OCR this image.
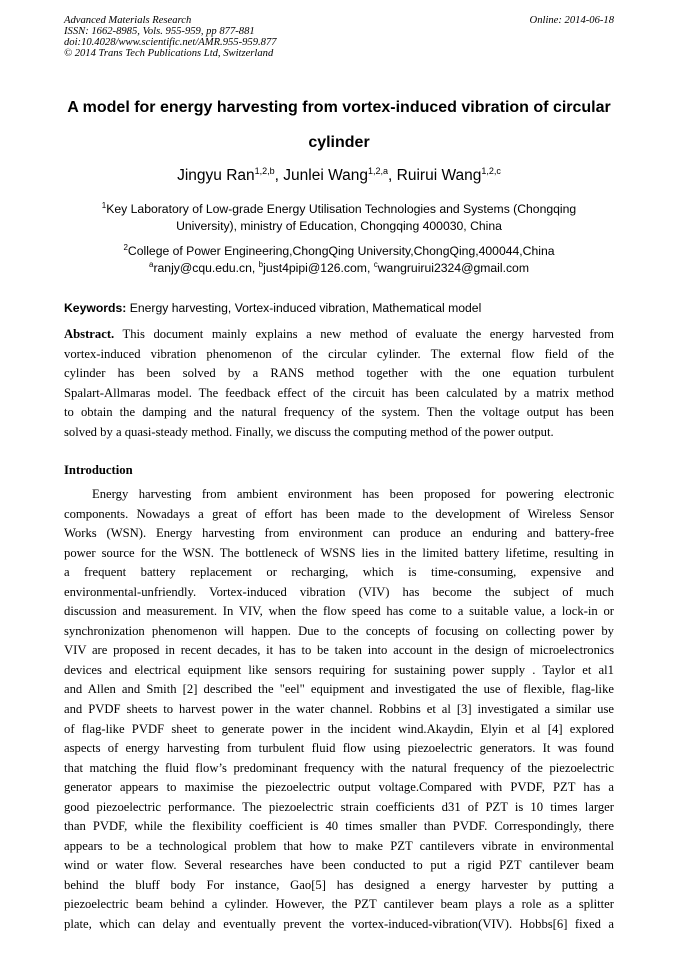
Advanced Materials Research
ISSN: 1662-8985, Vols. 955-959, pp 877-881
doi:10.4028/www.scientific.net/AMR.955-959.877
© 2014 Trans Tech Publications Ltd, Switzerland
Online: 2014-06-18
A model for energy harvesting from vortex-induced vibration of circular
cylinder
Jingyu Ran$^{1,2,b}$, Junlei Wang$^{1,2,a}$, Ruirui Wang$^{1,2,c}$
$^1$Key Laboratory of Low-grade Energy Utilisation Technologies and Systems (Chongqing
University), ministry of Education, Chongqing 400030, China
$^2$College of Power Engineering,ChongQing University,ChongQing,400044,China
$^a$ranjy@cqu.edu.cn, $^b$just4pipi@126.com, $^c$wangruirui2324@gmail.com
Keywords: Energy harvesting, Vortex-induced vibration, Mathematical model
Abstract. This document mainly explains a new method of evaluate the energy harvested from
vortex-induced vibration phenomenon of the circular cylinder. The external flow field of the
cylinder has been solved by a RANS method together with the one equation turbulent
Spalart-Allmaras model. The feedback effect of the circuit has been calculated by a matrix method
to obtain the damping and the natural frequency of the system. Then the voltage output has been
solved by a quasi-steady method. Finally, we discuss the computing method of the power output.
Introduction
Energy harvesting from ambient environment has been proposed for powering electronic
components. Nowadays a great of effort has been made to the development of Wireless Sensor
Works (WSN). Energy harvesting from environment can produce an enduring and battery-free
power source for the WSN. The bottleneck of WSNS lies in the limited battery lifetime, resulting in
a frequent battery replacement or recharging, which is time-consuming, expensive and
environmental-unfriendly. Vortex-induced vibration (VIV) has become the subject of much
discussion and measurement. In VIV, when the flow speed has come to a suitable value, a lock-in or
synchronization phenomenon will happen. Due to the concepts of focusing on collecting power by
VIV are proposed in recent decades, it has to be taken into account in the design of microelectronics
devices and electrical equipment like sensors requiring for sustaining power supply . Taylor et al1
and Allen and Smith [2] described the "eel" equipment and investigated the use of flexible, flag-like
and PVDF sheets to harvest power in the water channel. Robbins et al [3] investigated a similar use
of flag-like PVDF sheet to generate power in the incident wind.Akaydin, Elyin et al [4] explored
aspects of energy harvesting from turbulent fluid flow using piezoelectric generators. It was found
that matching the fluid flow’s predominant frequency with the natural frequency of the piezoelectric
generator appears to maximise the piezoelectric output voltage.Compared with PVDF, PZT has a
good piezoelectric performance. The piezoelectric strain coefficients d31 of PZT is 10 times larger
than PVDF, while the flexibility coefficient is 40 times smaller than PVDF. Correspondingly, there
appears to be a technological problem that how to make PZT cantilevers vibrate in environmental
wind or water flow. Several researches have been conducted to put a rigid PZT cantilever beam
behind the bluff body For instance, Gao[5] has designed a energy harvester by putting a
piezoelectric beam behind a cylinder. However, the PZT cantilever beam plays a role as a splitter
plate, which can delay and eventually prevent the vortex-induced-vibration(VIV). Hobbs[6] fixed a
